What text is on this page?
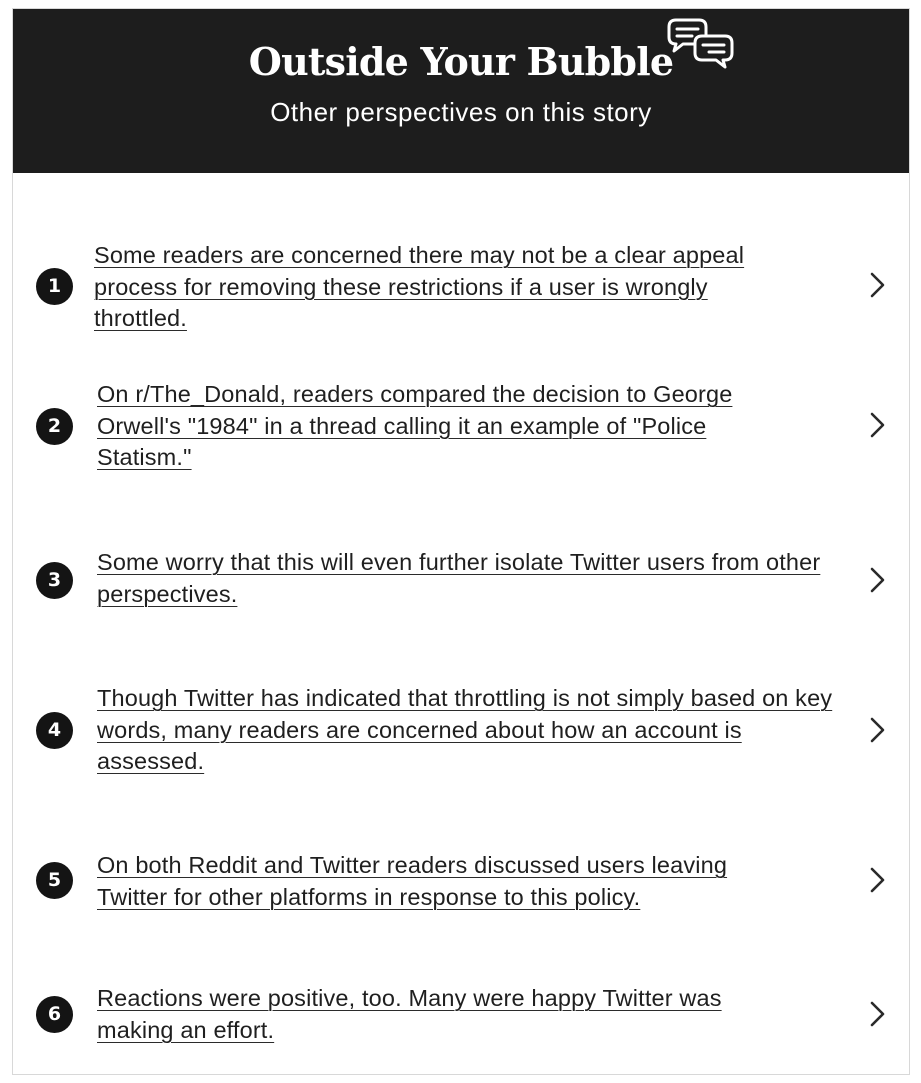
Outside Your Bubble
Other perspectives on this story
1
Some readers are concerned there may not be a clear appeal process for removing these restrictions if a user is wrongly throttled.
2
On r/The_Donald, readers compared the decision to George Orwell's "1984" in a thread calling it an example of "Police Statism."
3
Some worry that this will even further isolate Twitter users from other perspectives.
4
Though Twitter has indicated that throttling is not simply based on key words, many readers are concerned about how an account is assessed.
5
On both Reddit and Twitter readers discussed users leaving Twitter for other platforms in response to this policy.
6
Reactions were positive, too. Many were happy Twitter was making an effort.
